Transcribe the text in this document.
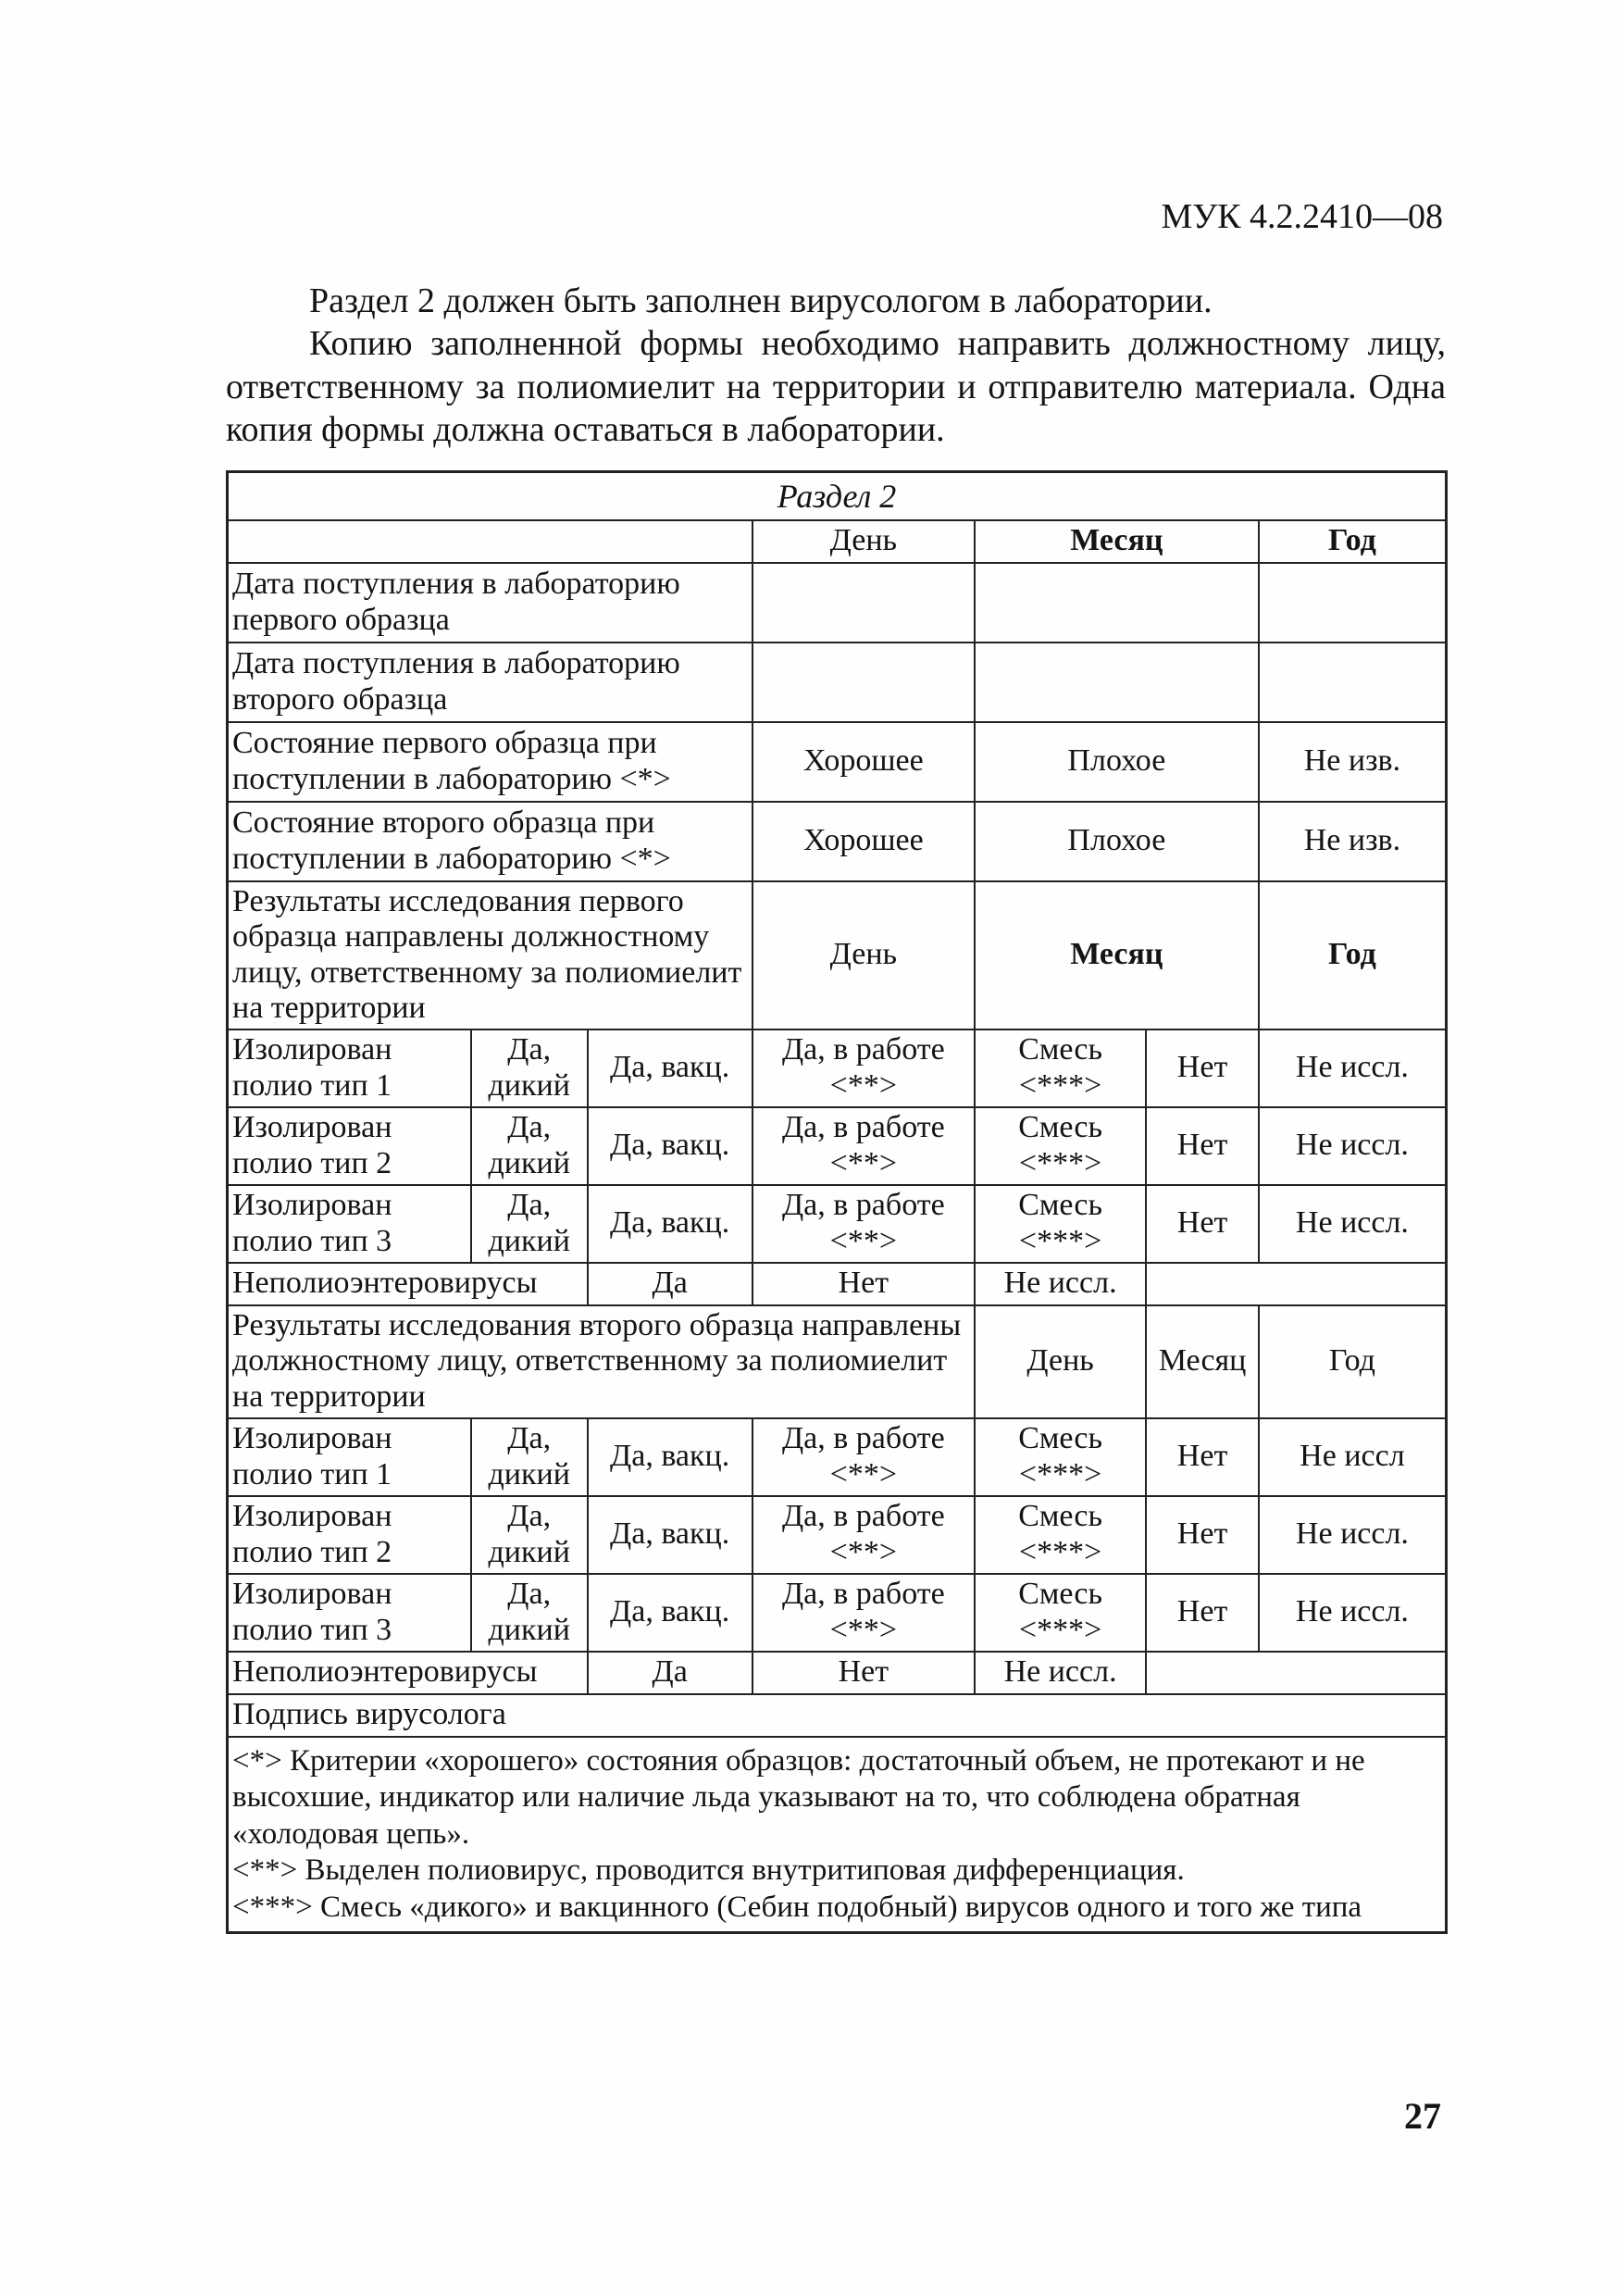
МУК 4.2.2410—08

Раздел 2 должен быть заполнен вирусологом в лаборатории.

Копию заполненной формы необходимо направить должностному лицу, ответственному за полиомиелит на территории и отправителю материала. Одна копия формы должна оставаться в лаборатории.

Раздел 2						
			День	Месяц		Год
Дата поступления в лабораторию первого образца						
Дата поступления в лабораторию второго образца						
Состояние первого образца при поступлении в лабораторию <*>			Хорошее	Плохое		Не изв.
Состояние второго образца при поступлении в лабораторию <*>			Хорошее	Плохое		Не изв.
Результаты исследования первого образца направлены должностному лицу, ответственному за полиомиелит на территории			День	Месяц		Год
Изолирован полио тип 1	Да, дикий	Да, вакц.	Да, в работе <**>	Смесь <***>	Нет	Не иссл.
Изолирован полио тип 2	Да, дикий	Да, вакц.	Да, в работе <**>	Смесь <***>	Нет	Не иссл.
Изолирован полио тип 3	Да, дикий	Да, вакц.	Да, в работе <**>	Смесь <***>	Нет	Не иссл.
Неполиоэнтеровирусы		Да	Нет	Не иссл.		
Результаты исследования второго образца направлены должностному лицу, ответственному за полиомиелит на территории				День	Месяц	Год
Изолирован полио тип 1	Да, дикий	Да, вакц.	Да, в работе <**>	Смесь <***>	Нет	Не иссл
Изолирован полио тип 2	Да, дикий	Да, вакц.	Да, в работе <**>	Смесь <***>	Нет	Не иссл.
Изолирован полио тип 3	Да, дикий	Да, вакц.	Да, в работе <**>	Смесь <***>	Нет	Не иссл.
Неполиоэнтеровирусы		Да	Нет	Не иссл.		
Подпись вирусолога						

<*> Критерии «хорошего» состояния образцов: достаточный объем, не протекают и не высохшие, индикатор или наличие льда указывают на то, что соблюдена обратная «холодовая цепь».
<**> Выделен полиовирус, проводится внутритиповая дифференциация.
<***> Смесь «дикого» и вакцинного (Себин подобный) вирусов одного и того же типа						
27
